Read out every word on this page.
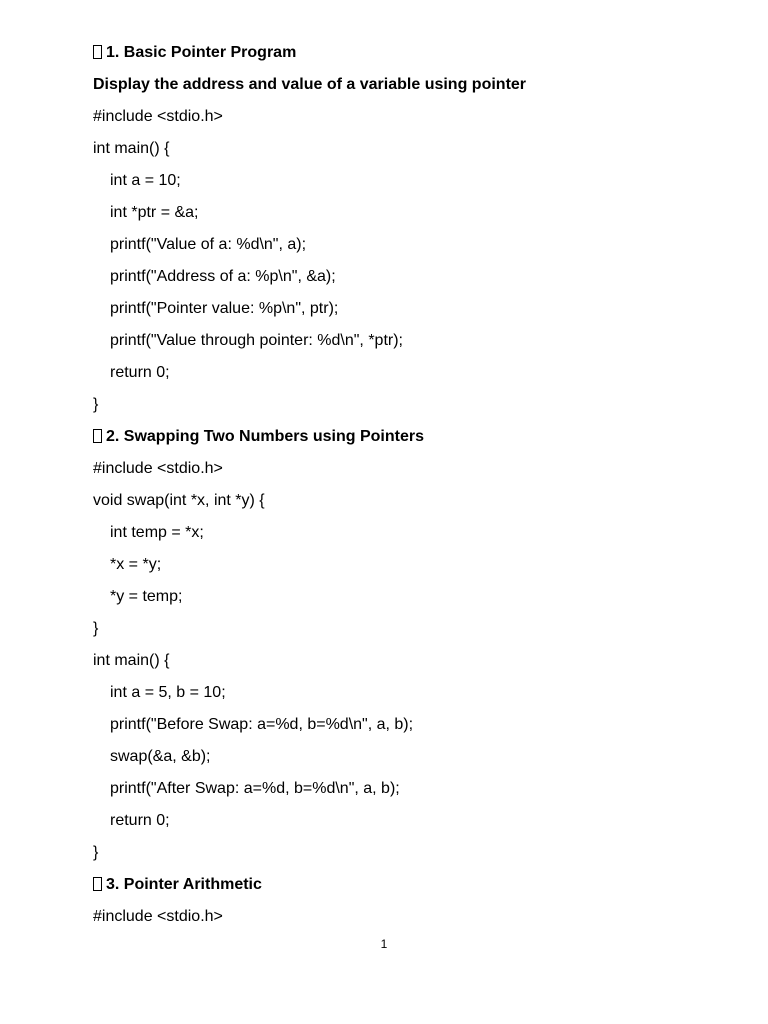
1. Basic Pointer Program
Display the address and value of a variable using pointer
#include <stdio.h>
int main() {
int a = 10;
int *ptr = &a;
printf("Value of a: %d\n", a);
printf("Address of a: %p\n", &a);
printf("Pointer value: %p\n", ptr);
printf("Value through pointer: %d\n", *ptr);
return 0;
}
2. Swapping Two Numbers using Pointers
#include <stdio.h>
void swap(int *x, int *y) {
int temp = *x;
*x = *y;
*y = temp;
}
int main() {
int a = 5, b = 10;
printf("Before Swap: a=%d, b=%d\n", a, b);
swap(&a, &b);
printf("After Swap: a=%d, b=%d\n", a, b);
return 0;
}
3. Pointer Arithmetic
#include <stdio.h>
1
